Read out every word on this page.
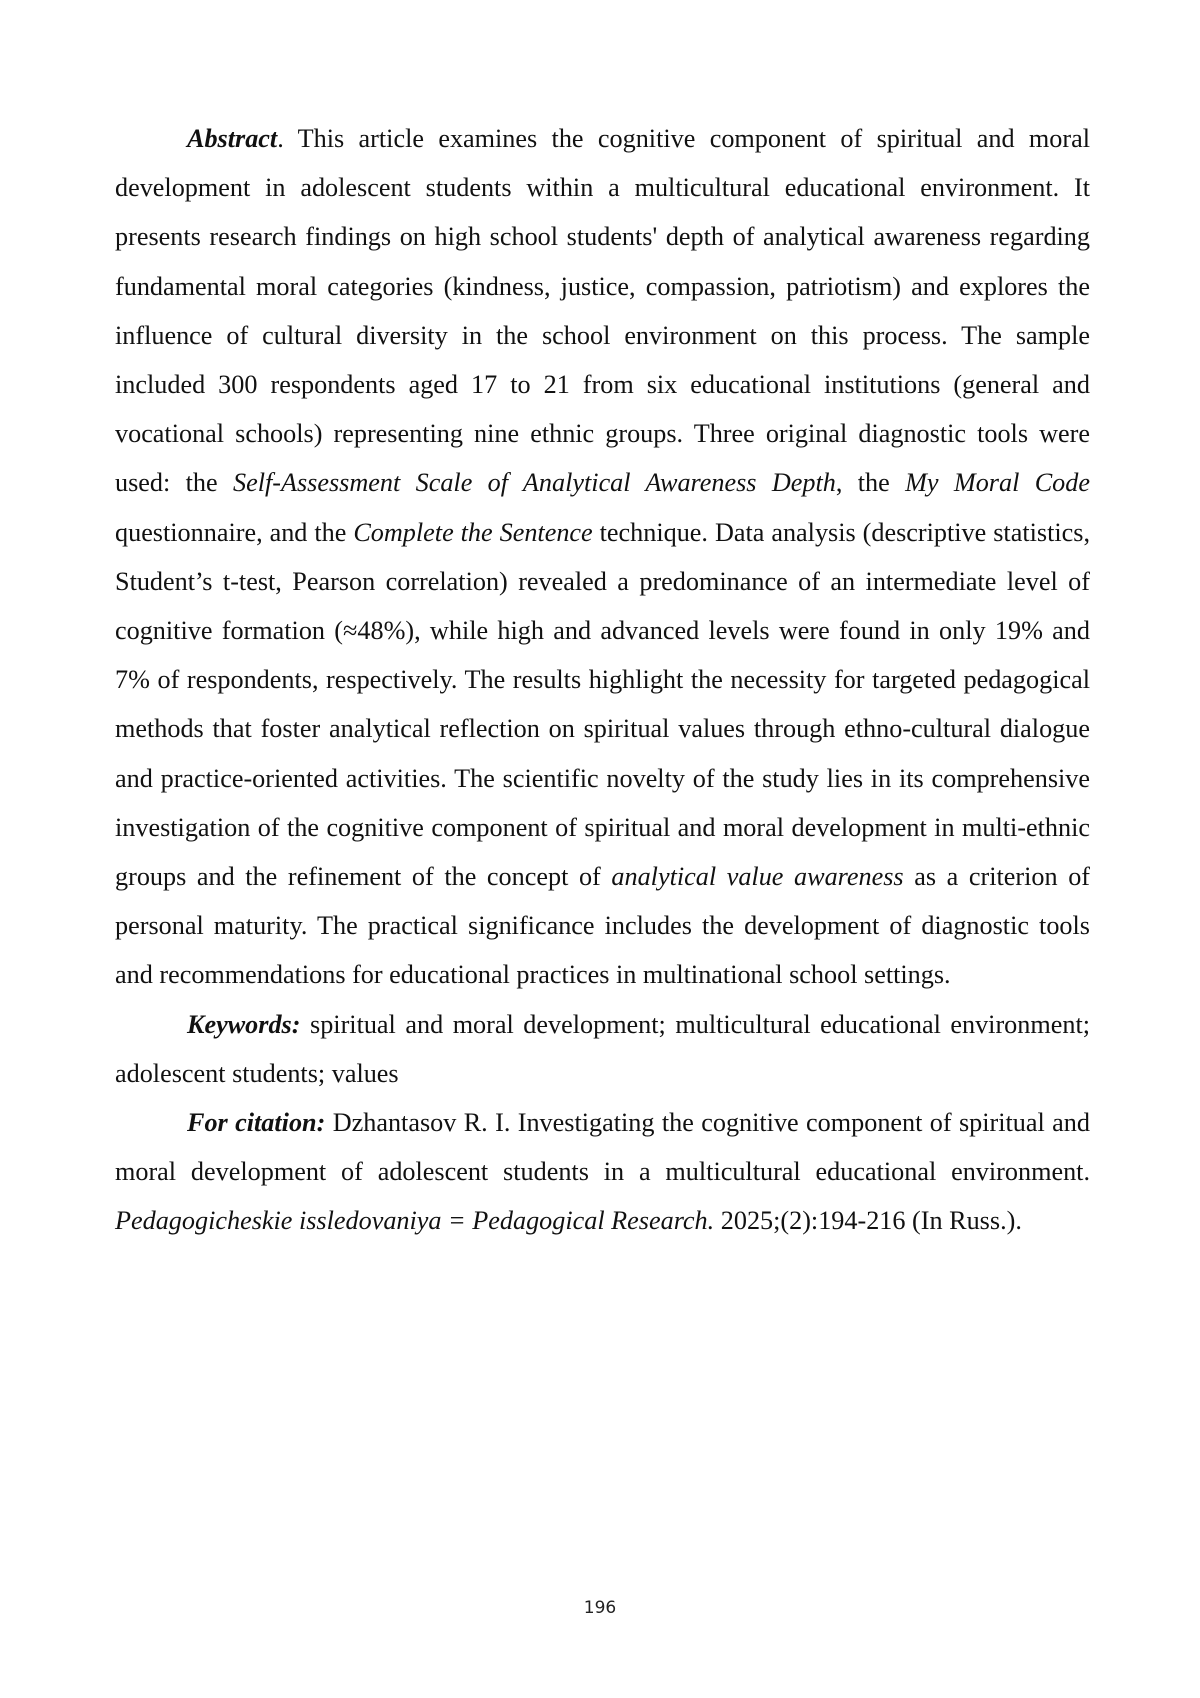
Abstract. This article examines the cognitive component of spiritual and moral development in adolescent students within a multicultural educational environment. It presents research findings on high school students' depth of analytical awareness regarding fundamental moral categories (kindness, justice, compassion, patriotism) and explores the influence of cultural diversity in the school environment on this process. The sample included 300 respondents aged 17 to 21 from six educational institutions (general and vocational schools) representing nine ethnic groups. Three original diagnostic tools were used: the Self-Assessment Scale of Analytical Awareness Depth, the My Moral Code questionnaire, and the Complete the Sentence technique. Data analysis (descriptive statistics, Student’s t-test, Pearson correlation) revealed a predominance of an intermediate level of cognitive formation (≈48%), while high and advanced levels were found in only 19% and 7% of respondents, respectively. The results highlight the necessity for targeted pedagogical methods that foster analytical reflection on spiritual values through ethno-cultural dialogue and practice-oriented activities. The scientific novelty of the study lies in its comprehensive investigation of the cognitive component of spiritual and moral development in multi-ethnic groups and the refinement of the concept of analytical value awareness as a criterion of personal maturity. The practical significance includes the development of diagnostic tools and recommendations for educational practices in multinational school settings.

Keywords: spiritual and moral development; multicultural educational environment; adolescent students; values

For citation: Dzhantasov R. I. Investigating the cognitive component of spiritual and moral development of adolescent students in a multicultural educational environment. Pedagogicheskie issledovaniya = Pedagogical Research. 2025;(2):194-216 (In Russ.).

196
